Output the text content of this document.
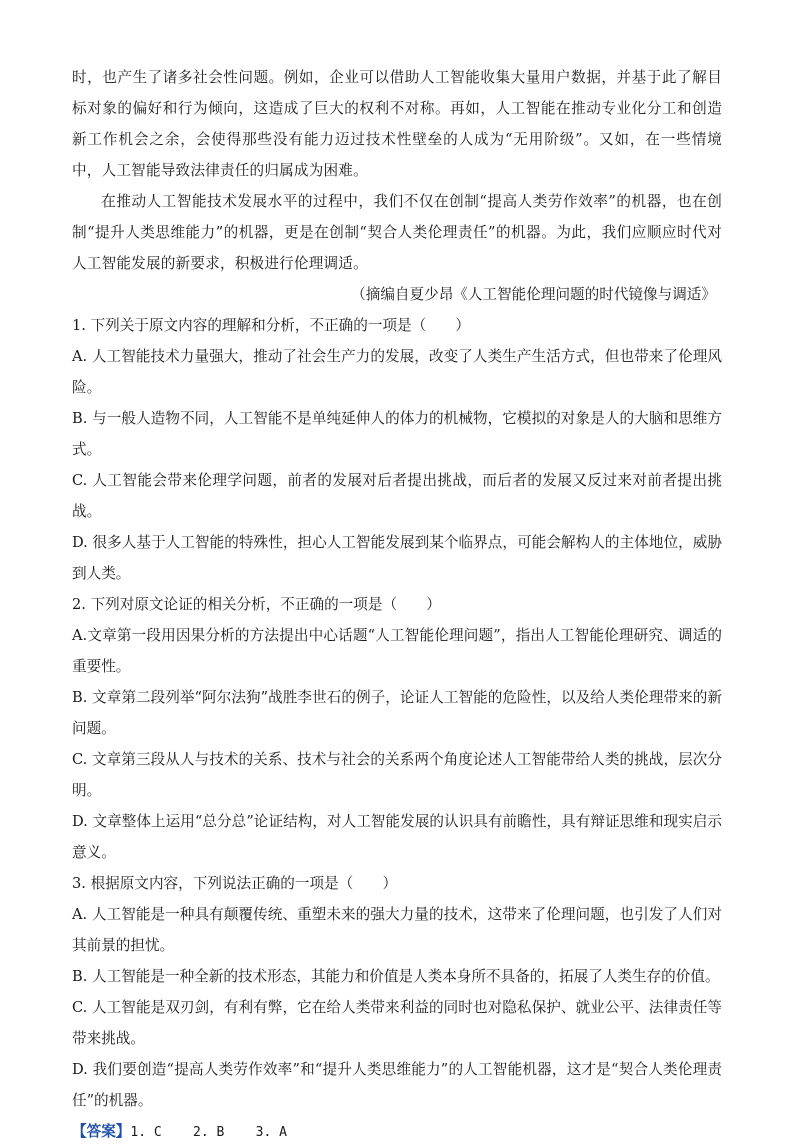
时，也产生了诸多社会性问题。例如，企业可以借助人工智能收集大量用户数据，并基于此了解目标对象的偏好和行为倾向，这造成了巨大的权利不对称。再如，人工智能在推动专业化分工和创造新工作机会之余，会使得那些没有能力迈过技术性壁垒的人成为“无用阶级”。又如，在一些情境中，人工智能导致法律责任的归属成为困难。

在推动人工智能技术发展水平的过程中，我们不仅在创制“提高人类劳作效率”的机器，也在创制“提升人类思维能力”的机器，更是在创制“契合人类伦理责任”的机器。为此，我们应顺应时代对人工智能发展的新要求，积极进行伦理调适。

（摘编自夏少昂《人工智能伦理问题的时代镜像与调适》

1. 下列关于原文内容的理解和分析，不正确的一项是（　　）

A. 人工智能技术力量强大，推动了社会生产力的发展，改变了人类生产生活方式，但也带来了伦理风险。

B. 与一般人造物不同，人工智能不是单纯延伸人的体力的机械物，它模拟的对象是人的大脑和思维方式。

C. 人工智能会带来伦理学问题，前者的发展对后者提出挑战，而后者的发展又反过来对前者提出挑战。

D. 很多人基于人工智能的特殊性，担心人工智能发展到某个临界点，可能会解构人的主体地位，威胁到人类。

2. 下列对原文论证的相关分析，不正确的一项是（　　）

A.文章第一段用因果分析的方法提出中心话题“人工智能伦理问题”，指出人工智能伦理研究、调适的重要性。

B. 文章第二段列举“阿尔法狗”战胜李世石的例子，论证人工智能的危险性，以及给人类伦理带来的新问题。

C. 文章第三段从人与技术的关系、技术与社会的关系两个角度论述人工智能带给人类的挑战，层次分明。

D. 文章整体上运用“总分总”论证结构，对人工智能发展的认识具有前瞻性，具有辩证思维和现实启示意义。

3. 根据原文内容，下列说法正确的一项是（　　）

A. 人工智能是一种具有颠覆传统、重塑未来的强大力量的技术，这带来了伦理问题，也引发了人们对其前景的担忧。

B. 人工智能是一种全新的技术形态，其能力和价值是人类本身所不具备的，拓展了人类生存的价值。

C. 人工智能是双刃剑，有利有弊，它在给人类带来利益的同时也对隐私保护、就业公平、法律责任等带来挑战。

D. 我们要创造“提高人类劳作效率”和“提升人类思维能力”的人工智能机器，这才是“契合人类伦理责任”的机器。

【答案】1. C    2. B    3. A
